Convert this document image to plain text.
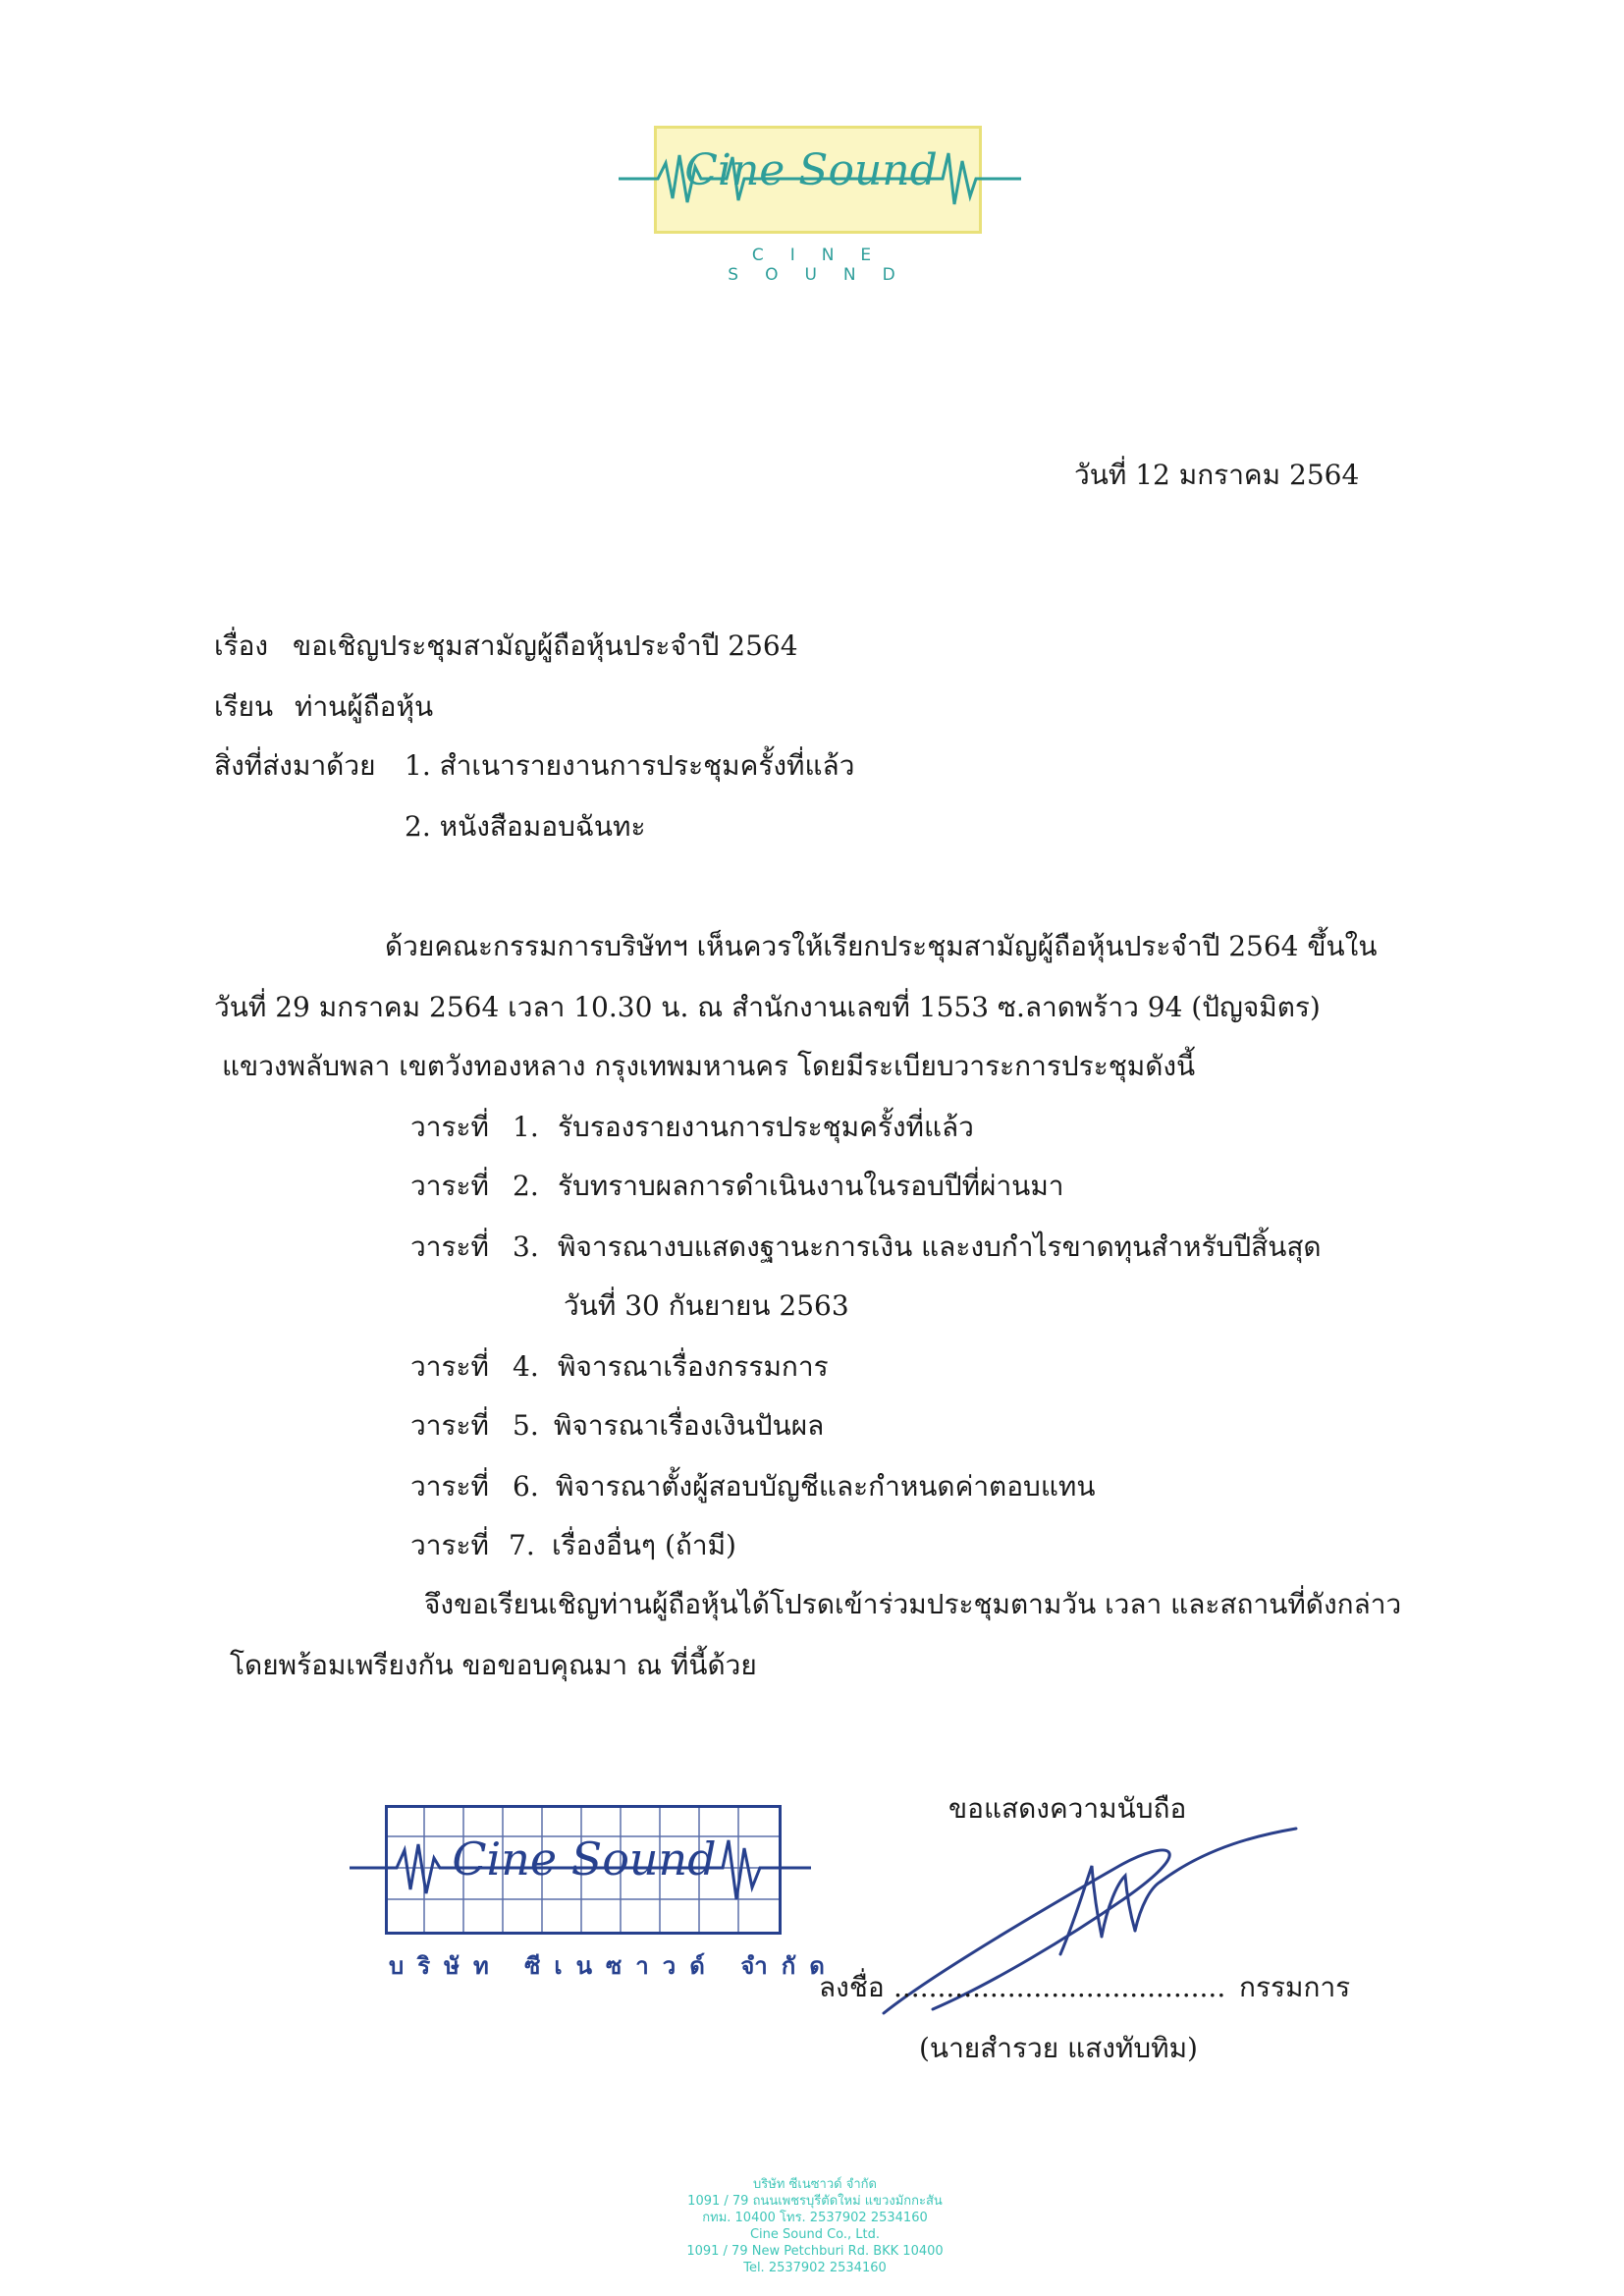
Cine Sound
CINE SOUND
วันที่ 12 มกราคม 2564
เรื่อง ขอเชิญประชุมสามัญผู้ถือหุ้นประจำปี 2564
เรียน ท่านผู้ถือหุ้น
สิ่งที่ส่งมาด้วย 1. สำเนารายงานการประชุมครั้งที่แล้ว
2. หนังสือมอบฉันทะ
ด้วยคณะกรรมการบริษัทฯ เห็นควรให้เรียกประชุมสามัญผู้ถือหุ้นประจำปี 2564 ขึ้นใน
วันที่ 29 มกราคม 2564 เวลา 10.30 น. ณ สำนักงานเลขที่ 1553 ซ.ลาดพร้าว 94 (ปัญจมิตร)
แขวงพลับพลา เขตวังทองหลาง กรุงเทพมหานคร โดยมีระเบียบวาระการประชุมดังนี้
วาระที่ 1. รับรองรายงานการประชุมครั้งที่แล้ว
วาระที่ 2. รับทราบผลการดำเนินงานในรอบปีที่ผ่านมา
วาระที่ 3. พิจารณางบแสดงฐานะการเงิน และงบกำไรขาดทุนสำหรับปีสิ้นสุด
วันที่ 30 กันยายน 2563
วาระที่ 4. พิจารณาเรื่องกรรมการ
วาระที่ 5. พิจารณาเรื่องเงินปันผล
วาระที่ 6. พิจารณาตั้งผู้สอบบัญชีและกำหนดค่าตอบแทน
วาระที่ 7. เรื่องอื่นๆ (ถ้ามี)
จึงขอเรียนเชิญท่านผู้ถือหุ้นได้โปรดเข้าร่วมประชุมตามวัน เวลา และสถานที่ดังกล่าว
โดยพร้อมเพรียงกัน ขอขอบคุณมา ณ ที่นี้ด้วย
Cine Sound
บริษัท ซีเนซาวด์ จำกัด
ขอแสดงความนับถือ
ลงชื่อ ...................................... กรรมการ
(นายสำรวย แสงทับทิม)
บริษัท ซีเนซาวด์ จำกัด
1091 / 79 ถนนเพชรบุรีตัดใหม่ แขวงมักกะสัน
กทม. 10400 โทร. 2537902 2534160
Cine Sound Co., Ltd.
1091 / 79 New Petchburi Rd. BKK 10400
Tel. 2537902 2534160
